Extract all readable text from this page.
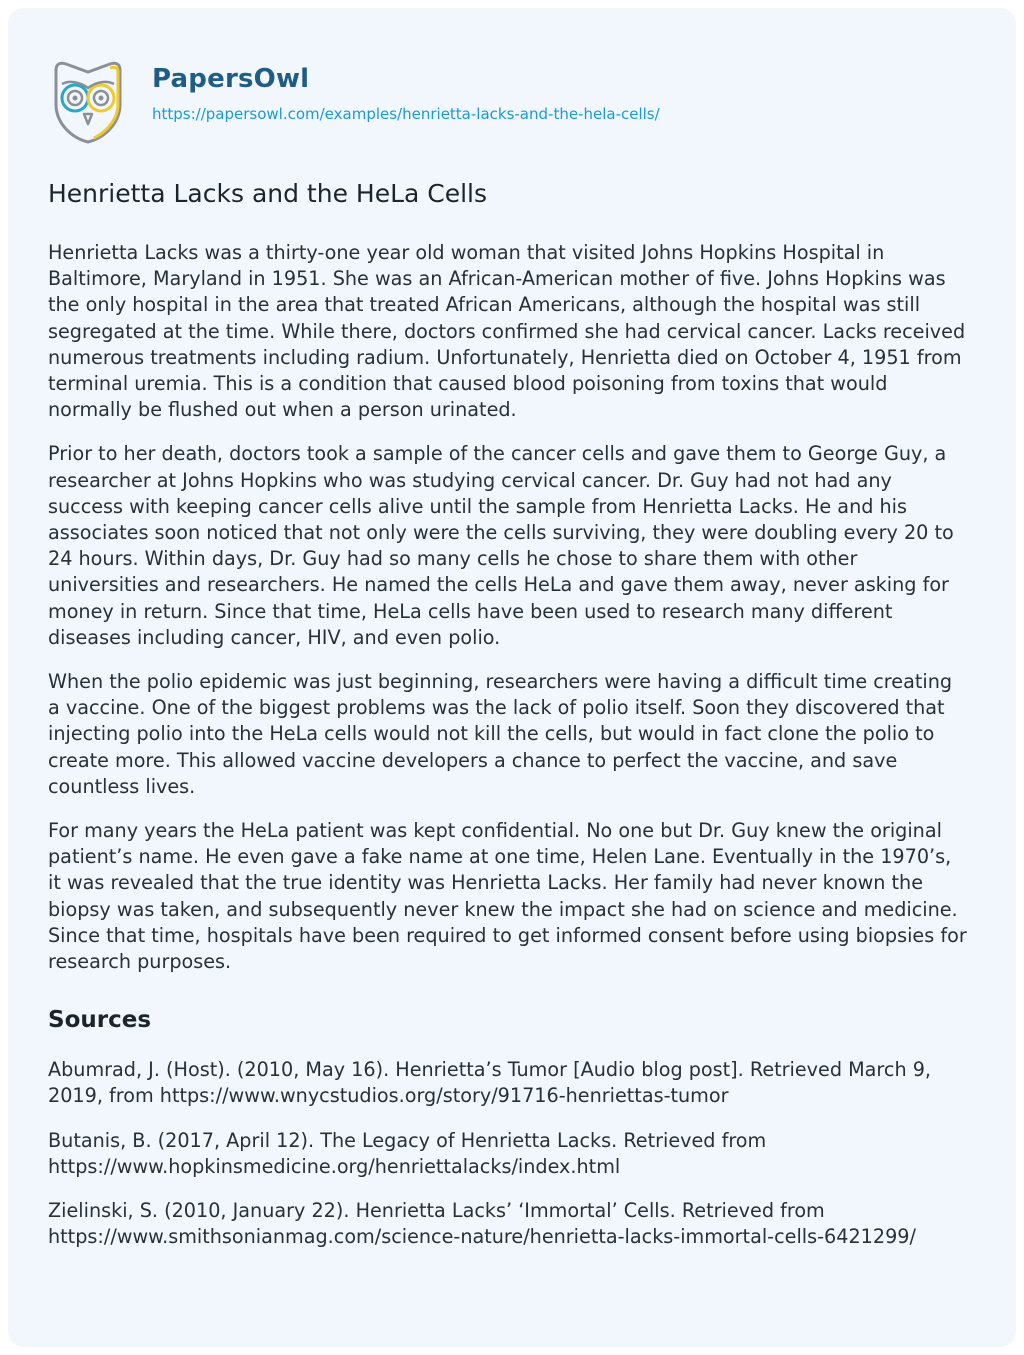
PapersOwl
https://papersowl.com/examples/henrietta-lacks-and-the-hela-cells/
Henrietta Lacks and the HeLa Cells

Henrietta Lacks was a thirty-one year old woman that visited Johns Hopkins Hospital in Baltimore, Maryland in 1951. She was an African-American mother of five. Johns Hopkins was the only hospital in the area that treated African Americans, although the hospital was still segregated at the time. While there, doctors confirmed she had cervical cancer. Lacks received numerous treatments including radium. Unfortunately, Henrietta died on October 4, 1951 from terminal uremia. This is a condition that caused blood poisoning from toxins that would normally be flushed out when a person urinated.

Prior to her death, doctors took a sample of the cancer cells and gave them to George Guy, a researcher at Johns Hopkins who was studying cervical cancer. Dr. Guy had not had any success with keeping cancer cells alive until the sample from Henrietta Lacks. He and his associates soon noticed that not only were the cells surviving, they were doubling every 20 to 24 hours. Within days, Dr. Guy had so many cells he chose to share them with other universities and researchers. He named the cells HeLa and gave them away, never asking for money in return. Since that time, HeLa cells have been used to research many different diseases including cancer, HIV, and even polio.

When the polio epidemic was just beginning, researchers were having a difficult time creating a vaccine. One of the biggest problems was the lack of polio itself. Soon they discovered that injecting polio into the HeLa cells would not kill the cells, but would in fact clone the polio to create more. This allowed vaccine developers a chance to perfect the vaccine, and save countless lives.

For many years the HeLa patient was kept confidential. No one but Dr. Guy knew the original patient’s name. He even gave a fake name at one time, Helen Lane. Eventually in the 1970’s, it was revealed that the true identity was Henrietta Lacks. Her family had never known the biopsy was taken, and subsequently never knew the impact she had on science and medicine. Since that time, hospitals have been required to get informed consent before using biopsies for research purposes.

Sources

Abumrad, J. (Host). (2010, May 16). Henrietta’s Tumor [Audio blog post]. Retrieved March 9, 2019, from https://www.wnycstudios.org/story/91716-henriettas-tumor

Butanis, B. (2017, April 12). The Legacy of Henrietta Lacks. Retrieved from https://www.hopkinsmedicine.org/henriettalacks/index.html

Zielinski, S. (2010, January 22). Henrietta Lacks’ ‘Immortal’ Cells. Retrieved from https://www.smithsonianmag.com/science-nature/henrietta-lacks-immortal-cells-6421299/
